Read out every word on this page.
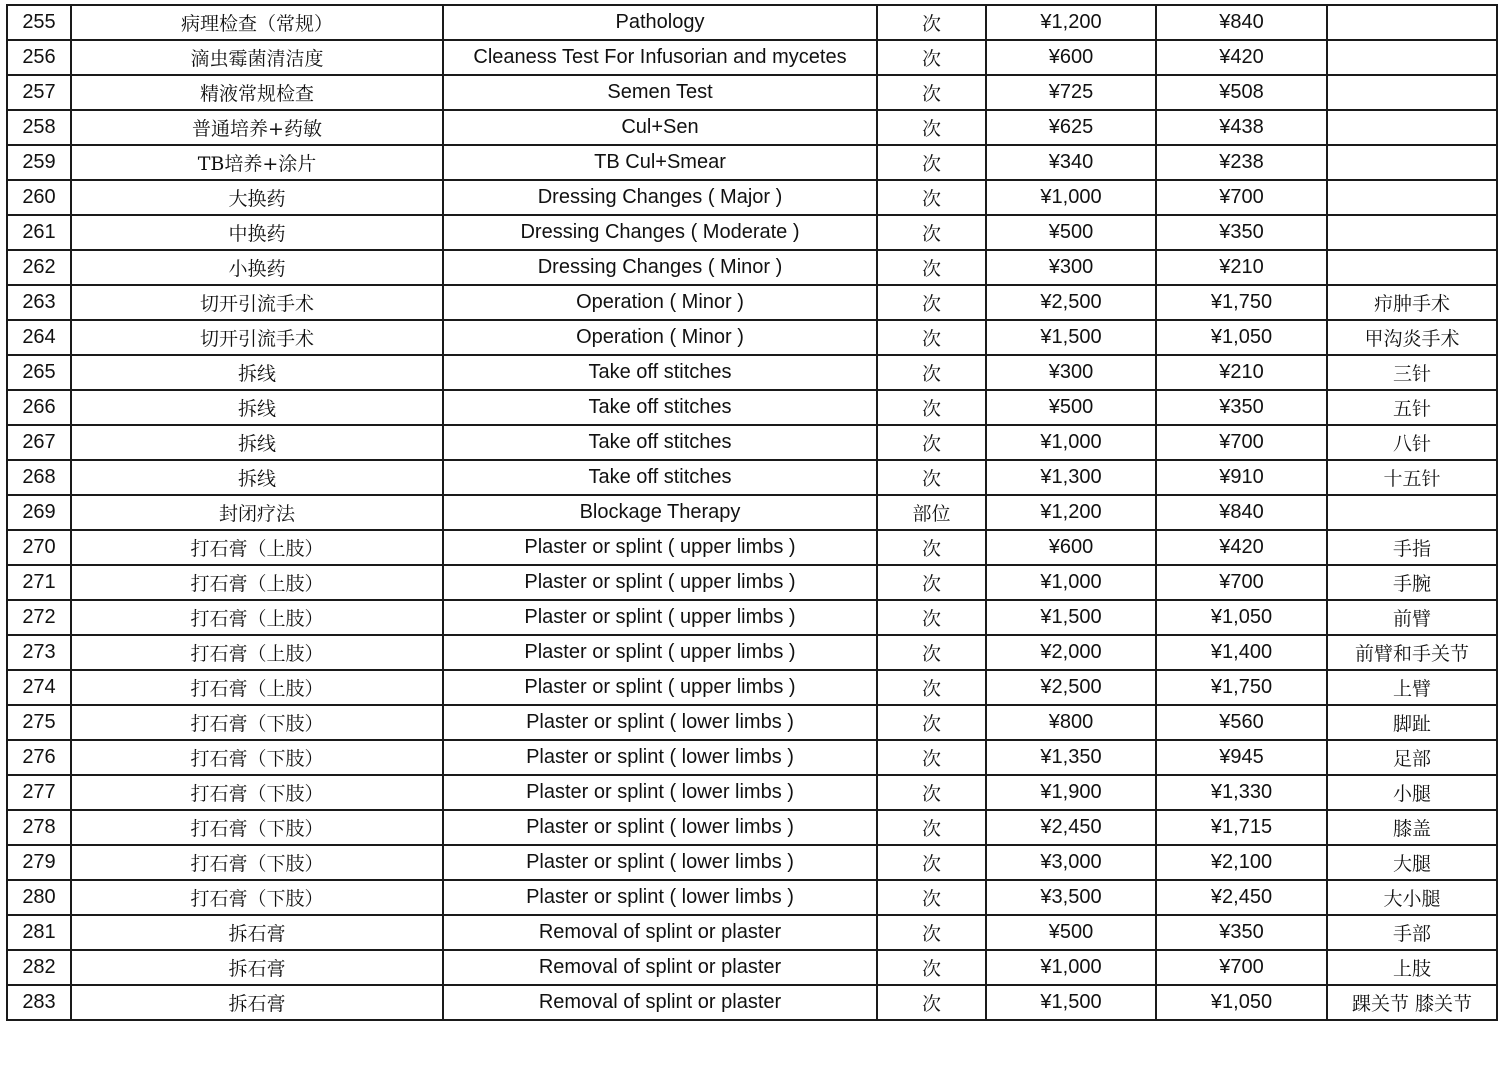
255	病理检查（常规）	Pathology	次	¥1,200	¥840	
256	滴虫霉菌清洁度	Cleaness Test For Infusorian and mycetes	次	¥600	¥420	
257	精液常规检查	Semen Test	次	¥725	¥508	
258	普通培养+药敏	Cul+Sen	次	¥625	¥438	
259	TB培养+涂片	TB Cul+Smear	次	¥340	¥238	
260	大换药	Dressing Changes ( Major )	次	¥1,000	¥700	
261	中换药	Dressing Changes ( Moderate )	次	¥500	¥350	
262	小换药	Dressing Changes ( Minor )	次	¥300	¥210	
263	切开引流手术	Operation ( Minor )	次	¥2,500	¥1,750	疖肿手术
264	切开引流手术	Operation ( Minor )	次	¥1,500	¥1,050	甲沟炎手术
265	拆线	Take off stitches	次	¥300	¥210	三针
266	拆线	Take off stitches	次	¥500	¥350	五针
267	拆线	Take off stitches	次	¥1,000	¥700	八针
268	拆线	Take off stitches	次	¥1,300	¥910	十五针
269	封闭疗法	Blockage Therapy	部位	¥1,200	¥840	
270	打石膏（上肢）	Plaster or splint ( upper limbs )	次	¥600	¥420	手指
271	打石膏（上肢）	Plaster or splint ( upper limbs )	次	¥1,000	¥700	手腕
272	打石膏（上肢）	Plaster or splint ( upper limbs )	次	¥1,500	¥1,050	前臂
273	打石膏（上肢）	Plaster or splint ( upper limbs )	次	¥2,000	¥1,400	前臂和手关节
274	打石膏（上肢）	Plaster or splint ( upper limbs )	次	¥2,500	¥1,750	上臂
275	打石膏（下肢）	Plaster or splint ( lower limbs )	次	¥800	¥560	脚趾
276	打石膏（下肢）	Plaster or splint ( lower limbs )	次	¥1,350	¥945	足部
277	打石膏（下肢）	Plaster or splint ( lower limbs )	次	¥1,900	¥1,330	小腿
278	打石膏（下肢）	Plaster or splint ( lower limbs )	次	¥2,450	¥1,715	膝盖
279	打石膏（下肢）	Plaster or splint ( lower limbs )	次	¥3,000	¥2,100	大腿
280	打石膏（下肢）	Plaster or splint ( lower limbs )	次	¥3,500	¥2,450	大小腿
281	拆石膏	Removal of splint or plaster	次	¥500	¥350	手部
282	拆石膏	Removal of splint or plaster	次	¥1,000	¥700	上肢
283	拆石膏	Removal of splint or plaster	次	¥1,500	¥1,050	踝关节 膝关节
